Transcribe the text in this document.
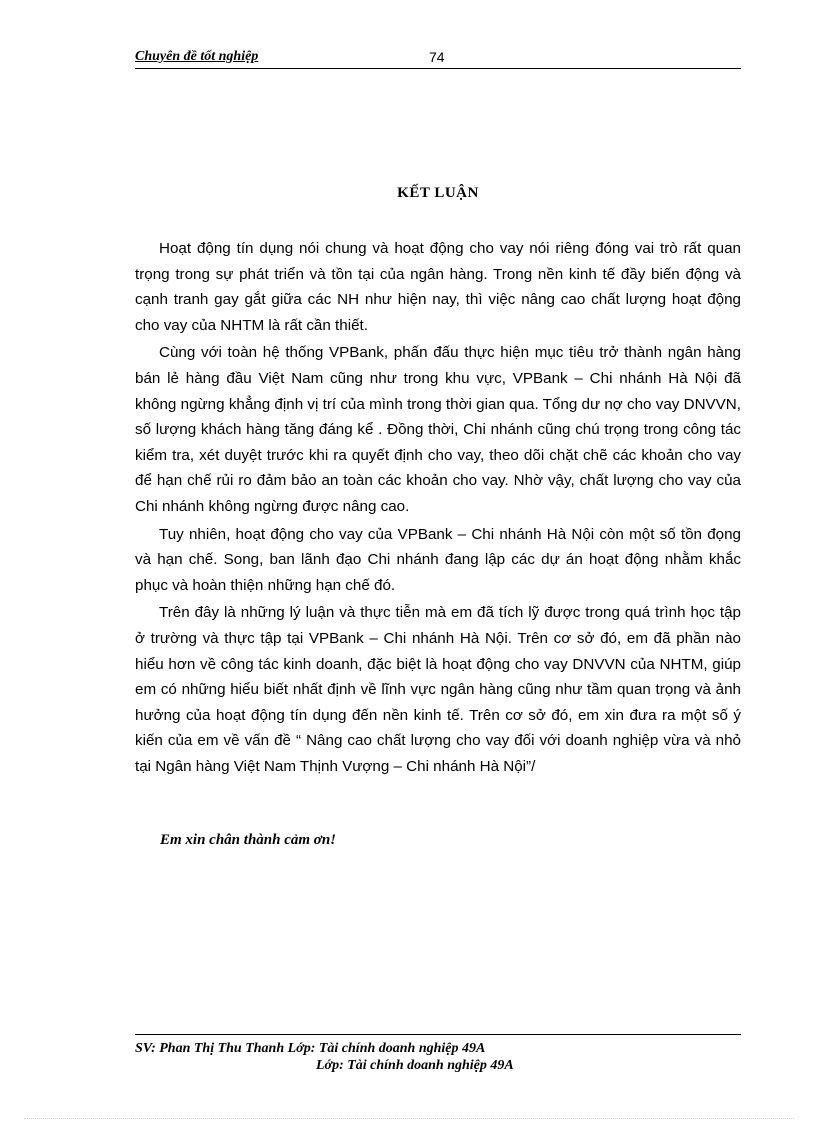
Chuyên đề tốt nghiệp	74
KẾT LUẬN

Hoạt động tín dụng nói chung và hoạt động cho vay nói riêng đóng vai trò rất quan trọng trong sự phát triển và tồn tại của ngân hàng. Trong nền kinh tế đầy biến động và cạnh tranh gay gắt giữa các NH như hiện nay, thì việc nâng cao chất lượng hoạt động cho vay của NHTM là rất cần thiết.

Cùng với toàn hệ thống VPBank, phấn đấu thực hiện mục tiêu trở thành ngân hàng bán lẻ hàng đầu Việt Nam cũng như trong khu vực, VPBank – Chi nhánh Hà Nội đã không ngừng khẳng định vị trí của mình trong thời gian qua. Tổng dư nợ cho vay DNVVN, số lượng khách hàng tăng đáng kể . Đồng thời, Chi nhánh cũng chú trọng trong công tác kiểm tra, xét duyệt trước khi ra quyết định cho vay, theo dõi chặt chẽ các khoản cho vay để hạn chế rủi ro đảm bảo an toàn các khoản cho vay. Nhờ vậy, chất lượng cho vay của Chi nhánh không ngừng được nâng cao.

Tuy nhiên, hoạt động cho vay của VPBank – Chi nhánh Hà Nội còn một số tồn đọng và hạn chế. Song, ban lãnh đạo Chi nhánh đang lập các dự án hoạt động nhằm khắc phục và hoàn thiện những hạn chế đó.

Trên đây là những lý luận và thực tiễn mà em đã tích lỹ được trong quá trình học tập ở trường và thực tập tại VPBank – Chi nhánh Hà Nội. Trên cơ sở đó, em đã phần nào hiểu hơn về công tác kinh doanh, đặc biệt là hoạt động cho vay DNVVN của NHTM, giúp em có những hiểu biết nhất định về lĩnh vực ngân hàng cũng như tầm quan trọng và ảnh hưởng của hoạt động tín dụng đến nền kinh tế. Trên cơ sở đó, em xin đưa ra một số ý kiến của em về vấn đề “ Nâng cao chất lượng cho vay đối với doanh nghiệp vừa và nhỏ tại Ngân hàng Việt Nam Thịnh Vượng – Chi nhánh Hà Nội”/

Em xin chân thành cảm ơn!
SV: Phan Thị Thu Thanh Lớp: Tài chính doanh nghiệp 49A
Lớp: Tài chính doanh nghiệp 49A
